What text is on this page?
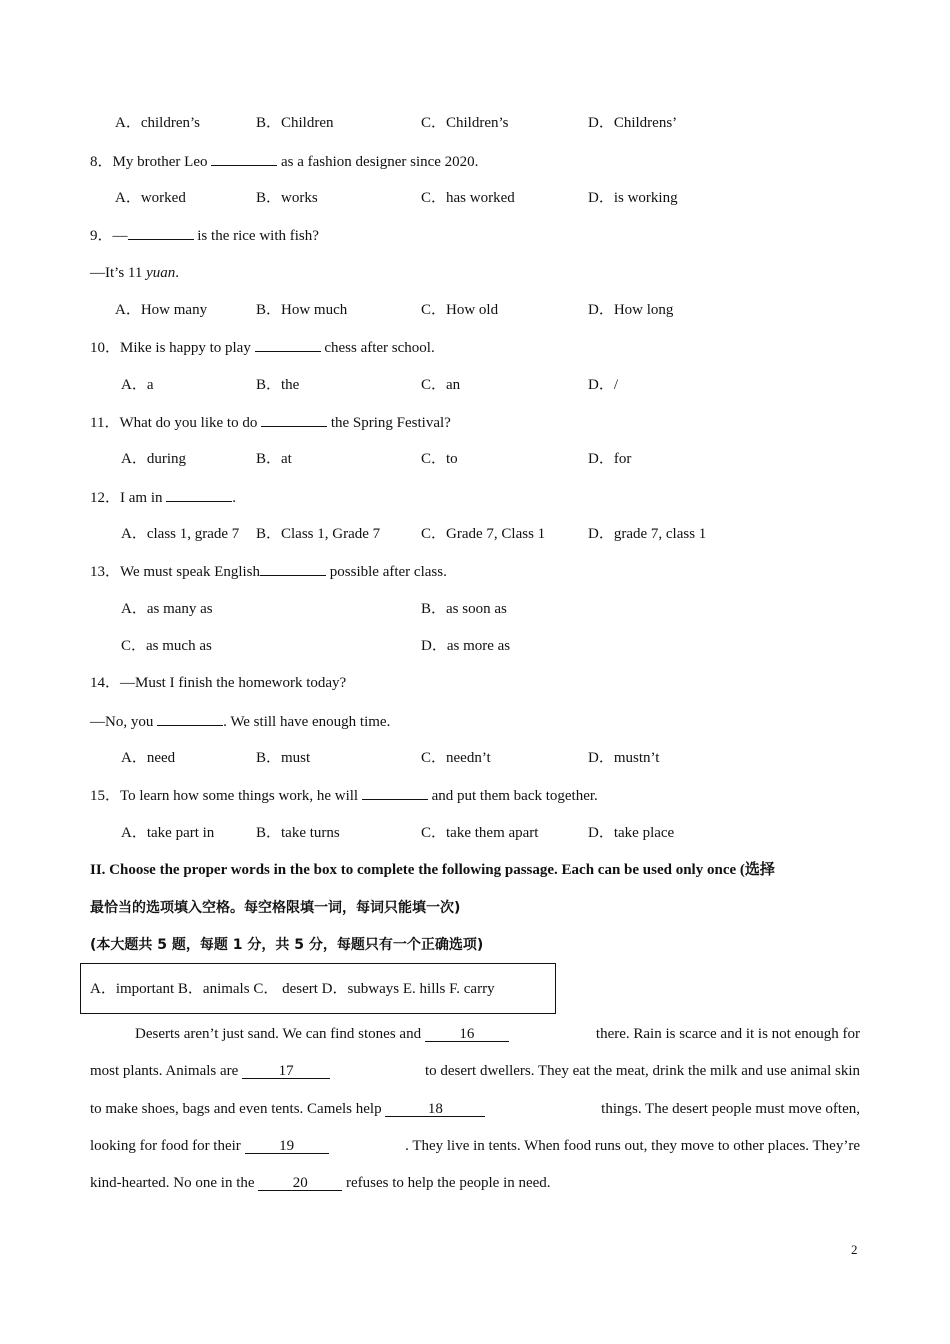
A．children’s	B．Children	C．Children’s	D．Childrens’
8．My brother Leo	as a fashion designer since 2020.
A．worked	B．works	C．has worked	D．is working
9．—	is the rice with fish?
—It’s 11 yuan.
A．How many	B．How much	C．How old	D．How long
10．Mike is happy to play	chess after school.
A．a	B．the	C．an	D．/
11．What do you like to do	the Spring Festival?
A．during	B．at	C．to	D．for
12．I am in	.
A．class 1, grade 7 B．Class 1, Grade 7	C．Grade 7, Class 1	D．grade 7, class 1
13．We must speak English	possible after class.
A．as many as	B．as soon as
C．as much as	D．as more as
14．—Must I finish the homework today?
—No, you	. We still have enough time.
A．need	B．must	C．needn’t	D．mustn’t
15．To learn how some things work, he will	and put them back together.
A．take part in	B．take turns	C．take them apart	D．take place
II. Choose the proper words in the box to complete the following passage. Each can be used only once (选择
最恰当的选项填入空格。每空格限填一词，每词只能填一次)
(本大题共 5 题，每题 1 分，共 5 分，每题只有一个正确选项)
A．important B．animals C． desert D．subways E. hills F. carry
Deserts aren’t just sand. We can find stones and 16	there. Rain is scarce and it is not enough for
most plants. Animals are 17	to desert dwellers. They eat the meat, drink the milk and use animal skin
to make shoes, bags and even tents. Camels help	18	things. The desert people must move often,
looking for food for their 19	. They live in tents. When food runs out, they move to other places. They’re
kind-hearted. No one in the 20 refuses to help the people in need.
2
